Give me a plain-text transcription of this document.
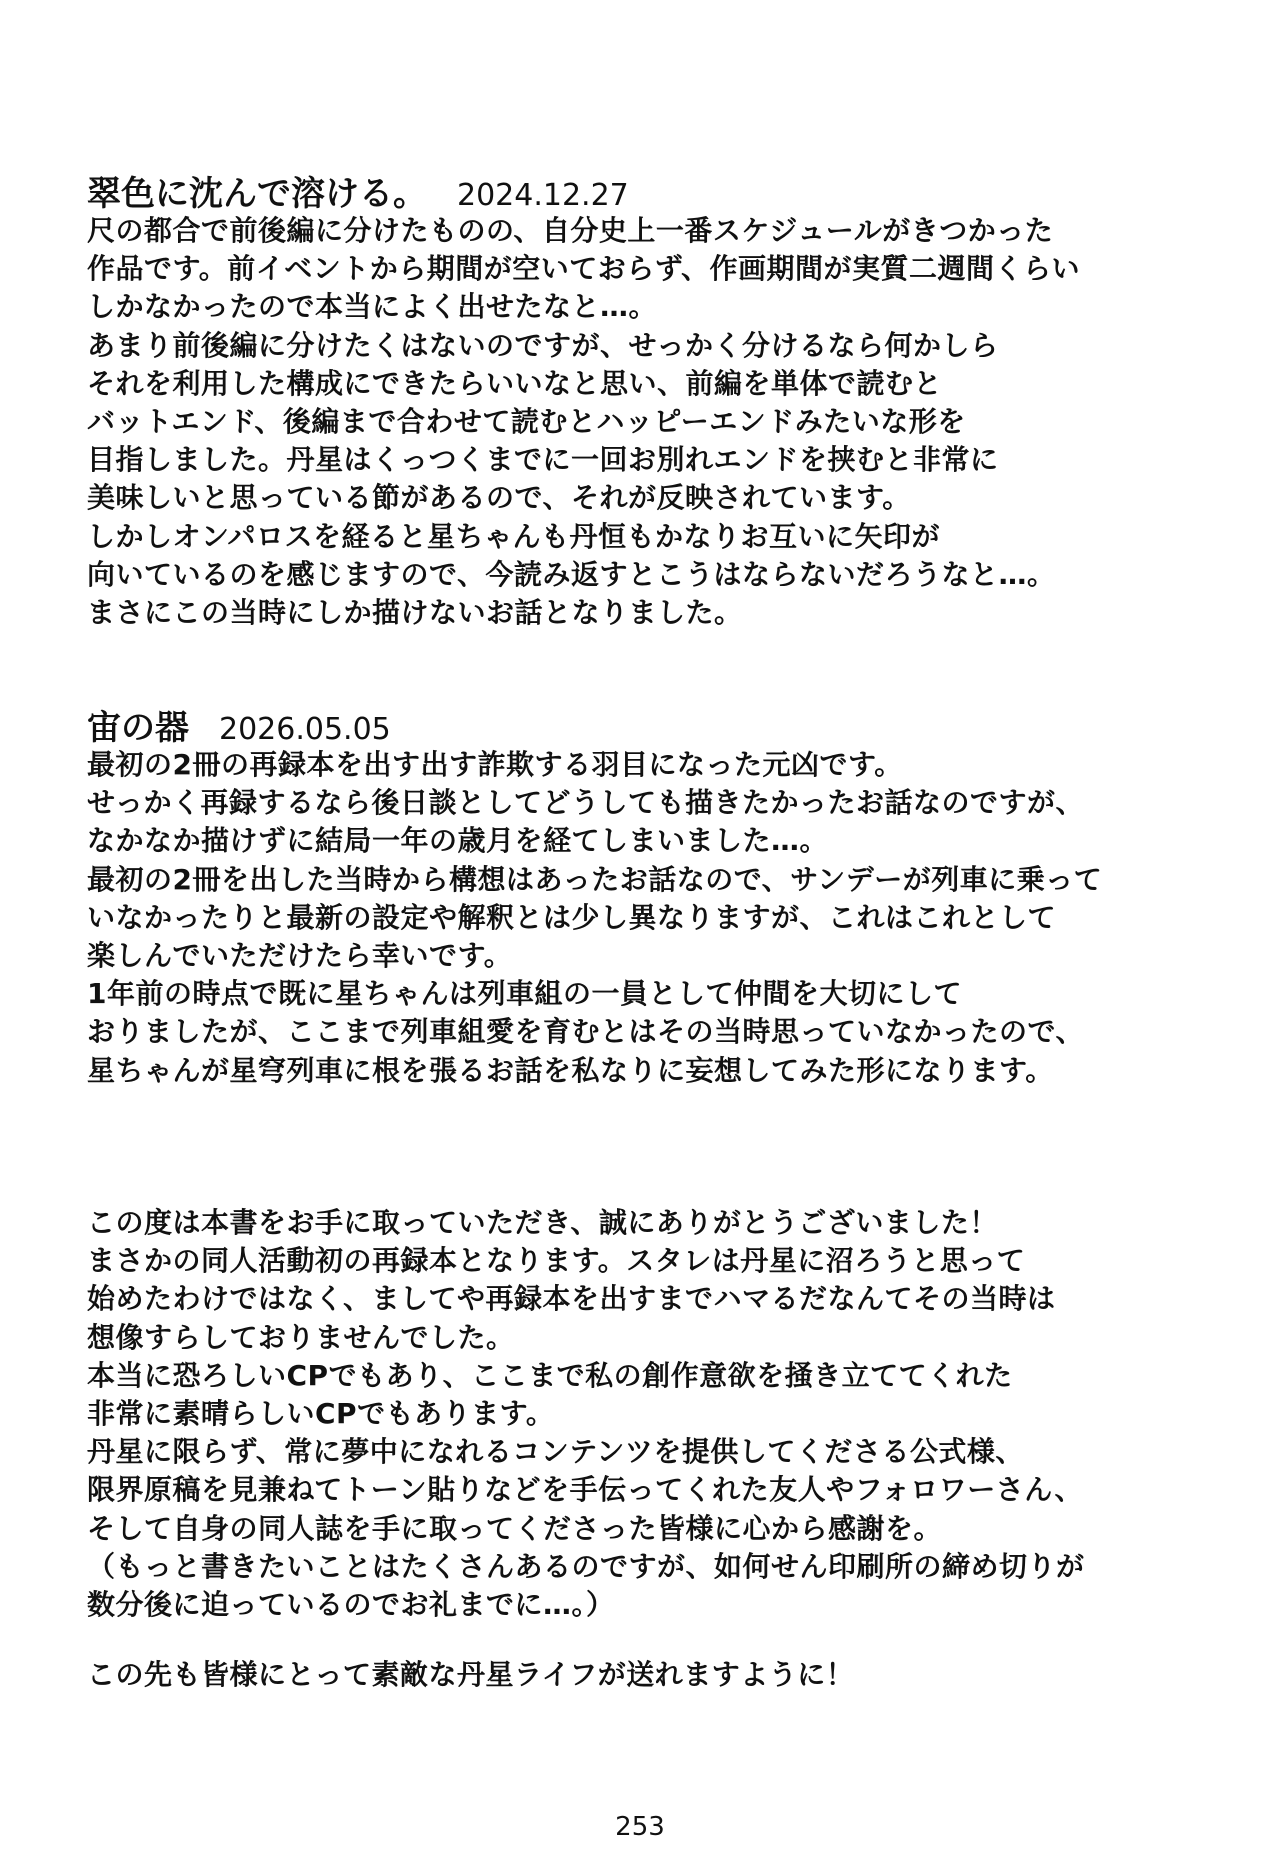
翠色に沈んで溶ける。 2024.12.27
尺の都合で前後編に分けたものの、自分史上一番スケジュールがきつかった
作品です。前イベントから期間が空いておらず、作画期間が実質二週間くらい
しかなかったので本当によく出せたなと…。
あまり前後編に分けたくはないのですが、せっかく分けるなら何かしら
それを利用した構成にできたらいいなと思い、前編を単体で読むと
バットエンド、後編まで合わせて読むとハッピーエンドみたいな形を
目指しました。丹星はくっつくまでに一回お別れエンドを挟むと非常に
美味しいと思っている節があるので、それが反映されています。
しかしオンパロスを経ると星ちゃんも丹恒もかなりお互いに矢印が
向いているのを感じますので、今読み返すとこうはならないだろうなと…。
まさにこの当時にしか描けないお話となりました。
宙の器 2026.05.05
最初の2冊の再録本を出す出す詐欺する羽目になった元凶です。
せっかく再録するなら後日談としてどうしても描きたかったお話なのですが、
なかなか描けずに結局一年の歳月を経てしまいました…。
最初の2冊を出した当時から構想はあったお話なので、サンデーが列車に乗って
いなかったりと最新の設定や解釈とは少し異なりますが、これはこれとして
楽しんでいただけたら幸いです。
1年前の時点で既に星ちゃんは列車組の一員として仲間を大切にして
おりましたが、ここまで列車組愛を育むとはその当時思っていなかったので、
星ちゃんが星穹列車に根を張るお話を私なりに妄想してみた形になります。
この度は本書をお手に取っていただき、誠にありがとうございました！
まさかの同人活動初の再録本となります。スタレは丹星に沼ろうと思って
始めたわけではなく、ましてや再録本を出すまでハマるだなんてその当時は
想像すらしておりませんでした。
本当に恐ろしいCPでもあり、ここまで私の創作意欲を掻き立ててくれた
非常に素晴らしいCPでもあります。
丹星に限らず、常に夢中になれるコンテンツを提供してくださる公式様、
限界原稿を見兼ねてトーン貼りなどを手伝ってくれた友人やフォロワーさん、
そして自身の同人誌を手に取ってくださった皆様に心から感謝を。
（もっと書きたいことはたくさんあるのですが、如何せん印刷所の締め切りが
数分後に迫っているのでお礼までに…。）
この先も皆様にとって素敵な丹星ライフが送れますように！
253
